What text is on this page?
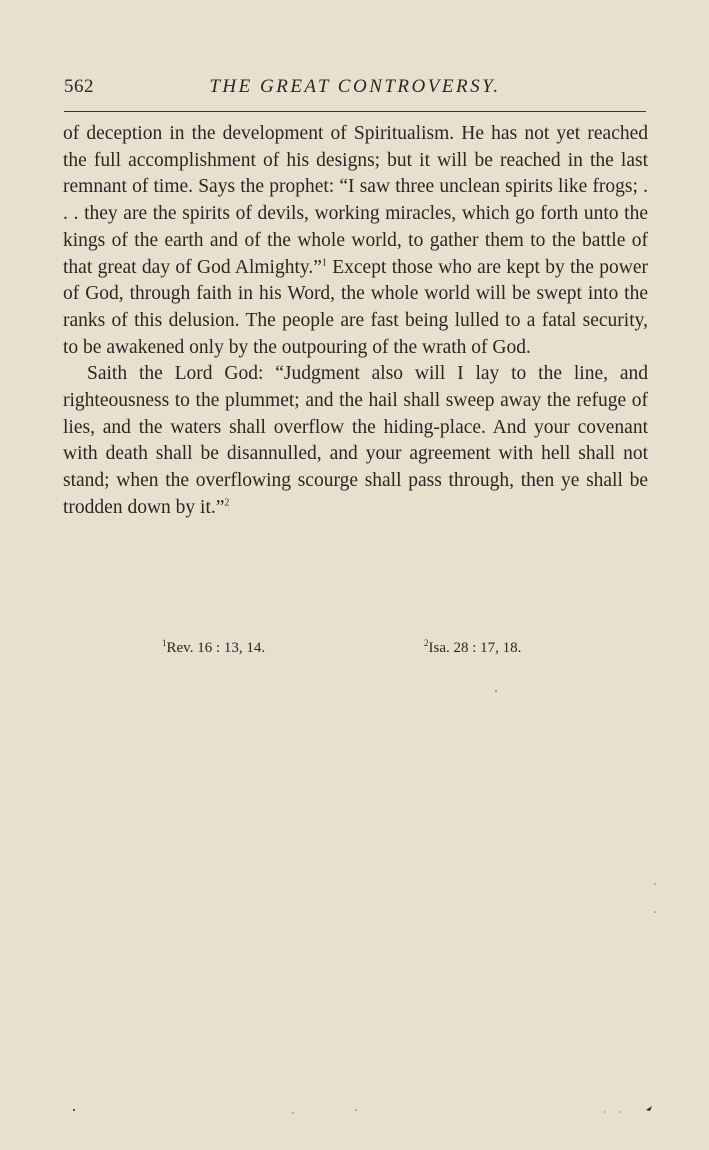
562	THE GREAT CONTROVERSY.

of deception in the development of Spiritualism. He has not yet reached the full accomplishment of his designs; but it will be reached in the last remnant of time. Says the prophet: “I saw three unclean spirits like frogs; . . . they are the spirits of devils, working miracles, which go forth unto the kings of the earth and of the whole world, to gather them to the battle of that great day of God Almighty.”$^1$ Except those who are kept by the power of God, through faith in his Word, the whole world will be swept into the ranks of this delusion. The people are fast being lulled to a fatal security, to be awakened only by the outpouring of the wrath of God.

Saith the Lord God: “Judgment also will I lay to the line, and righteousness to the plummet; and the hail shall sweep away the refuge of lies, and the waters shall overflow the hiding-place. And your covenant with death shall be disannulled, and your agreement with hell shall not stand; when the overflowing scourge shall pass through, then ye shall be trodden down by it.”$^2$

$^1$Rev. 16 : 13, 14.	$^2$Isa. 28 : 17, 18.
